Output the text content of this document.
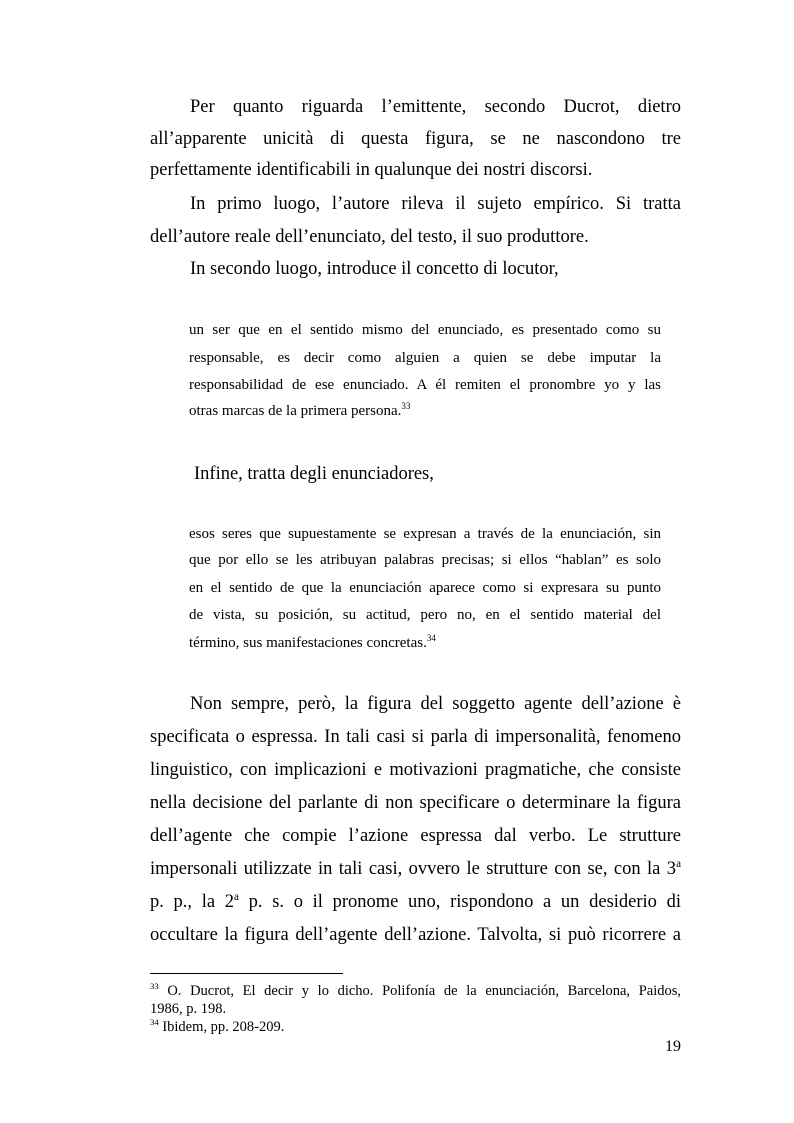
Per quanto riguarda l’emittente, secondo Ducrot, dietro
all’apparente unicità di questa figura, se ne nascondono tre
perfettamente identificabili in qualunque dei nostri discorsi.
In primo luogo, l’autore rileva il sujeto empírico. Si tratta
dell’autore reale dell’enunciato, del testo, il suo produttore.
In secondo luogo, introduce il concetto di locutor,
un ser que en el sentido mismo del enunciado, es presentado como su
responsable, es decir como alguien a quien se debe imputar la
responsabilidad de ese enunciado. A él remiten el pronombre yo y las
otras marcas de la primera persona.$^{33}$
Infine, tratta degli enunciadores,
esos seres que supuestamente se expresan a través de la enunciación, sin
que por ello se les atribuyan palabras precisas; si ellos “hablan” es solo
en el sentido de que la enunciación aparece como si expresara su punto
de vista, su posición, su actitud, pero no, en el sentido material del
término, sus manifestaciones concretas.$^{34}$
Non sempre, però, la figura del soggetto agente dell’azione è
specificata o espressa. In tali casi si parla di impersonalità, fenomeno
linguistico, con implicazioni e motivazioni pragmatiche, che consiste
nella decisione del parlante di non specificare o determinare la figura
dell’agente che compie l’azione espressa dal verbo. Le strutture
impersonali utilizzate in tali casi, ovvero le strutture con se, con la 3$^a$
p. p., la 2$^a$ p. s. o il pronome uno, rispondono a un desiderio di
occultare la figura dell’agente dell’azione. Talvolta, si può ricorrere a
$^{33}$ O. Ducrot, El decir y lo dicho. Polifonía de la enunciación, Barcelona, Paidos,
1986, p. 198.
$^{34}$ Ibidem, pp. 208-209.
19
